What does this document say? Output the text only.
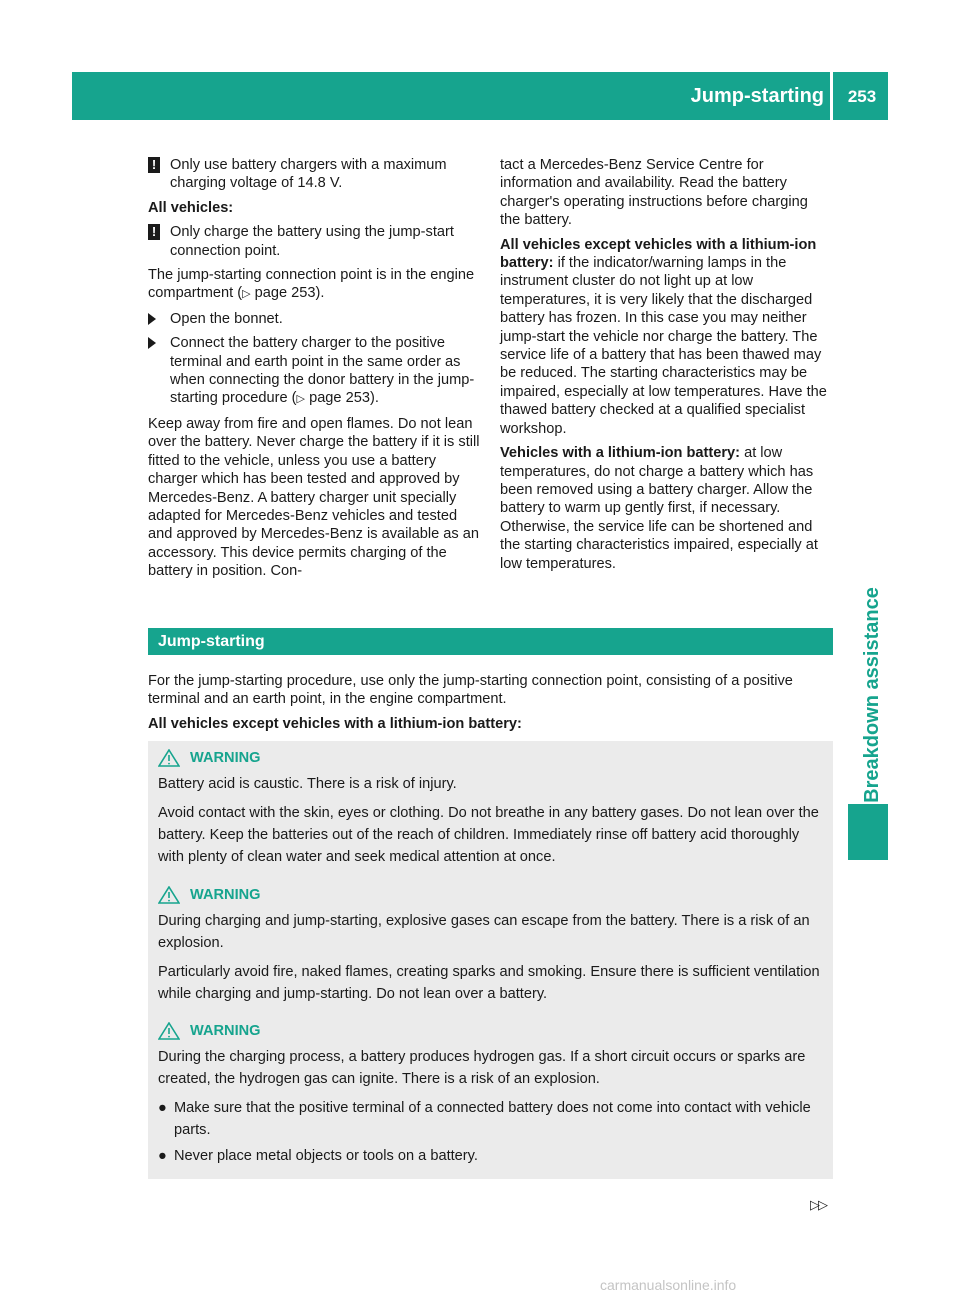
Jump-starting	253
Breakdown assistance
! Only use battery chargers with a maximum charging voltage of 14.8 V.
All vehicles:
! Only charge the battery using the jump-start connection point.
The jump-starting connection point is in the engine compartment (▷ page 253).
Open the bonnet.
Connect the battery charger to the positive terminal and earth point in the same order as when connecting the donor battery in the jump-starting procedure (▷ page 253).
Keep away from fire and open flames. Do not lean over the battery. Never charge the battery if it is still fitted to the vehicle, unless you use a battery charger which has been tested and approved by Mercedes-Benz. A battery charger unit specially adapted for Mercedes-Benz vehicles and tested and approved by Mercedes-Benz is available as an accessory. This device permits charging of the battery in position. Con-
tact a Mercedes-Benz Service Centre for information and availability. Read the battery charger's operating instructions before charging the battery.
All vehicles except vehicles with a lithium-ion battery: if the indicator/warning lamps in the instrument cluster do not light up at low temperatures, it is very likely that the discharged battery has frozen. In this case you may neither jump-start the vehicle nor charge the battery. The service life of a battery that has been thawed may be reduced. The starting characteristics may be impaired, especially at low temperatures. Have the thawed battery checked at a qualified specialist workshop.
Vehicles with a lithium-ion battery: at low temperatures, do not charge a battery which has been removed using a battery charger. Allow the battery to warm up gently first, if necessary. Otherwise, the service life can be shortened and the starting characteristics impaired, especially at low temperatures.
Jump-starting
For the jump-starting procedure, use only the jump-starting connection point, consisting of a positive terminal and an earth point, in the engine compartment.
All vehicles except vehicles with a lithium-ion battery:
WARNING

Battery acid is caustic. There is a risk of injury.

Avoid contact with the skin, eyes or clothing. Do not breathe in any battery gases. Do not lean over the battery. Keep the batteries out of the reach of children. Immediately rinse off battery acid thoroughly with plenty of clean water and seek medical attention at once.

WARNING

During charging and jump-starting, explosive gases can escape from the battery. There is a risk of an explosion.

Particularly avoid fire, naked flames, creating sparks and smoking. Ensure there is sufficient ventilation while charging and jump-starting. Do not lean over a battery.

WARNING

During the charging process, a battery produces hydrogen gas. If a short circuit occurs or sparks are created, the hydrogen gas can ignite. There is a risk of an explosion.

● Make sure that the positive terminal of a connected battery does not come into contact with vehicle parts.
● Never place metal objects or tools on a battery.
▷▷
carmanualsonline.info
